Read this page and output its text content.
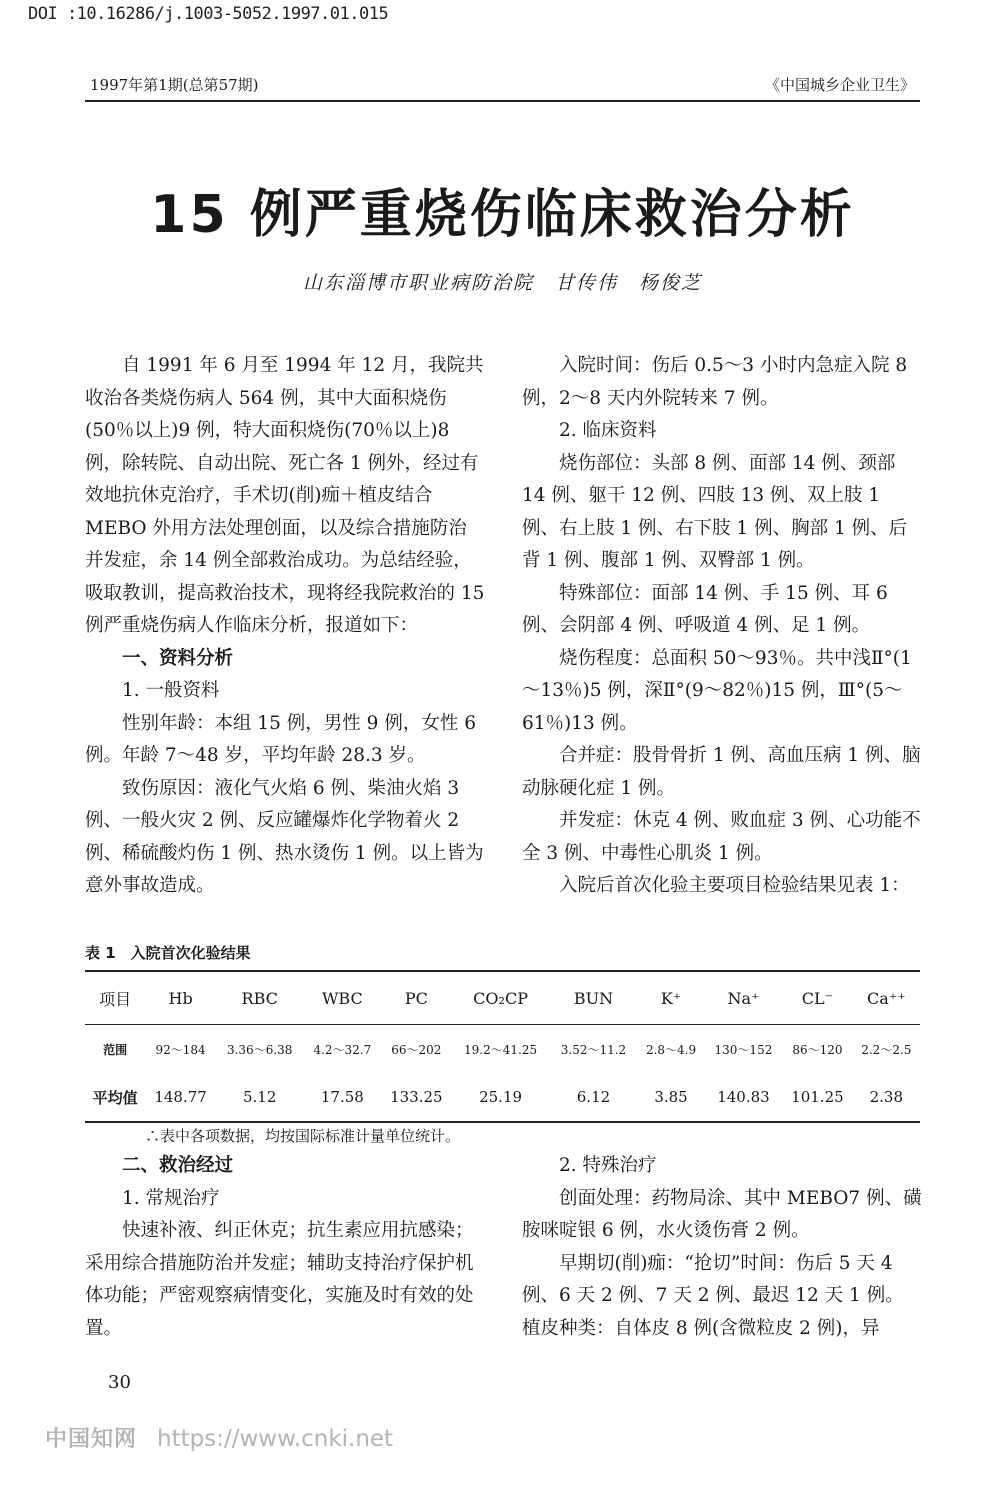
DOI :10.16286/j.1003-5052.1997.01.015
1997年第1期(总第57期)	《中国城乡企业卫生》
15 例严重烧伤临床救治分析
山东淄博市职业病防治院　甘传伟　杨俊芝

自 1991 年 6 月至 1994 年 12 月，我院共收治各类烧伤病人 564 例，其中大面积烧伤(50％以上)9 例，特大面积烧伤(70％以上)8 例，除转院、自动出院、死亡各 1 例外，经过有效地抗休克治疗，手术切(削)痂＋植皮结合 MEBO 外用方法处理创面，以及综合措施防治并发症，余 14 例全部救治成功。为总结经验，吸取教训，提高救治技术，现将经我院救治的 15 例严重烧伤病人作临床分析，报道如下：

一、资料分析

1. 一般资料

性别年龄：本组 15 例，男性 9 例，女性 6 例。年龄 7～48 岁，平均年龄 28.3 岁。

致伤原因：液化气火焰 6 例、柴油火焰 3 例、一般火灾 2 例、反应罐爆炸化学物着火 2 例、稀硫酸灼伤 1 例、热水烫伤 1 例。以上皆为意外事故造成。

入院时间：伤后 0.5～3 小时内急症入院 8 例，2～8 天内外院转来 7 例。

2. 临床资料

烧伤部位：头部 8 例、面部 14 例、颈部 14 例、躯干 12 例、四肢 13 例、双上肢 1 例、右上肢 1 例、右下肢 1 例、胸部 1 例、后背 1 例、腹部 1 例、双臀部 1 例。

特殊部位：面部 14 例、手 15 例、耳 6 例、会阴部 4 例、呼吸道 4 例、足 1 例。

烧伤程度：总面积 50～93％。共中浅Ⅱ°(1～13％)5 例，深Ⅱ°(9～82％)15 例，Ⅲ°(5～61％)13 例。

合并症：股骨骨折 1 例、高血压病 1 例、脑动脉硬化症 1 例。

并发症：休克 4 例、败血症 3 例、心功能不全 3 例、中毒性心肌炎 1 例。

入院后首次化验主要项目检验结果见表 1：

表 1　入院首次化验结果
项目	Hb	RBC	WBC	PC	CO₂CP	BUN	K⁺	Na⁺	CL⁻	Ca⁺⁺
范围	92～184	3.36～6.38	4.2～32.7	66～202	19.2～41.25	3.52～11.2	2.8～4.9	130～152	86～120	2.2～2.5
平均值	148.77	5.12	17.58	133.25	25.19	6.12	3.85	140.83	101.25	2.38
∴表中各项数据，均按国际标准计量单位统计。

二、救治经过

1. 常规治疗

快速补液、纠正休克；抗生素应用抗感染；采用综合措施防治并发症；辅助支持治疗保护机体功能；严密观察病情变化，实施及时有效的处置。

2. 特殊治疗

创面处理：药物局涂、其中 MEBO7 例、磺胺咪啶银 6 例，水火烫伤膏 2 例。

早期切(削)痂：“抢切”时间：伤后 5 天 4 例、6 天 2 例、7 天 2 例、最迟 12 天 1 例。植皮种类：自体皮 8 例(含微粒皮 2 例)，异

30
中国知网 https://www.cnki.net
